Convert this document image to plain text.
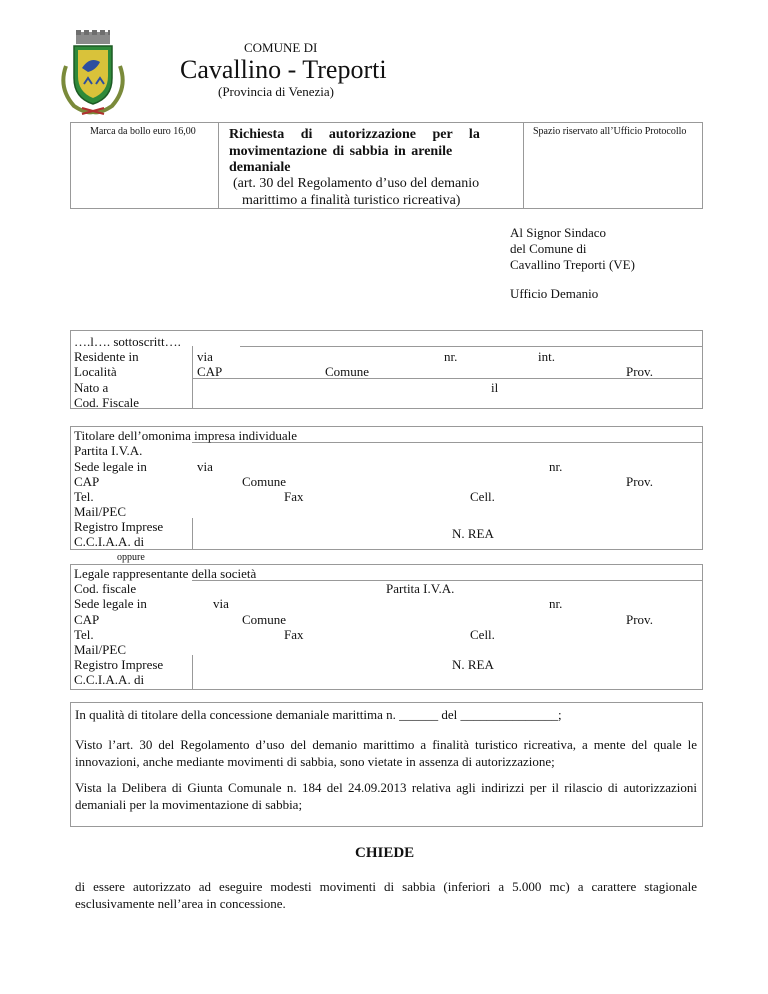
COMUNE DI
Cavallino - Treporti
(Provincia di Venezia)
Marca da bollo euro 16,00	Spazio riservato all’Ufficio Protocollo
Richiesta di autorizzazione per la
movimentazione di sabbia in arenile
demaniale
(art. 30 del Regolamento d’uso del demanio
marittimo a finalità turistico ricreativa)
Al Signor Sindaco
del Comune di
Cavallino Treporti (VE)
Ufficio Demanio
….l…. sottoscritt….
Residente in	via	nr.	int.
Località	CAP	Comune	Prov.
Nato a	il
Cod. Fiscale
Titolare dell’omonima impresa individuale
Partita I.V.A.
Sede legale in	via	nr.
CAP	Comune	Prov.
Tel.	Fax	Cell.
Mail/PEC
Registro Imprese
C.C.I.A.A. di
N. REA
oppure
Legale rappresentante della società
Cod. fiscale	Partita I.V.A.
Sede legale in	via	nr.
CAP	Comune	Prov.
Tel.	Fax	Cell.
Mail/PEC
Registro Imprese
C.C.I.A.A. di
N. REA
In qualità di titolare della concessione demaniale marittima n. ______ del _______________;
Visto l’art. 30 del Regolamento d’uso del demanio marittimo a finalità turistico ricreativa, a mente del quale le innovazioni, anche mediante movimenti di sabbia, sono vietate in assenza di autorizzazione;
Vista la Delibera di Giunta Comunale n. 184 del 24.09.2013 relativa agli indirizzi per il rilascio di autorizzazioni demaniali per la movimentazione di sabbia;
CHIEDE
di essere autorizzato ad eseguire modesti movimenti di sabbia (inferiori a 5.000 mc) a carattere stagionale esclusivamente nell’area in concessione.
